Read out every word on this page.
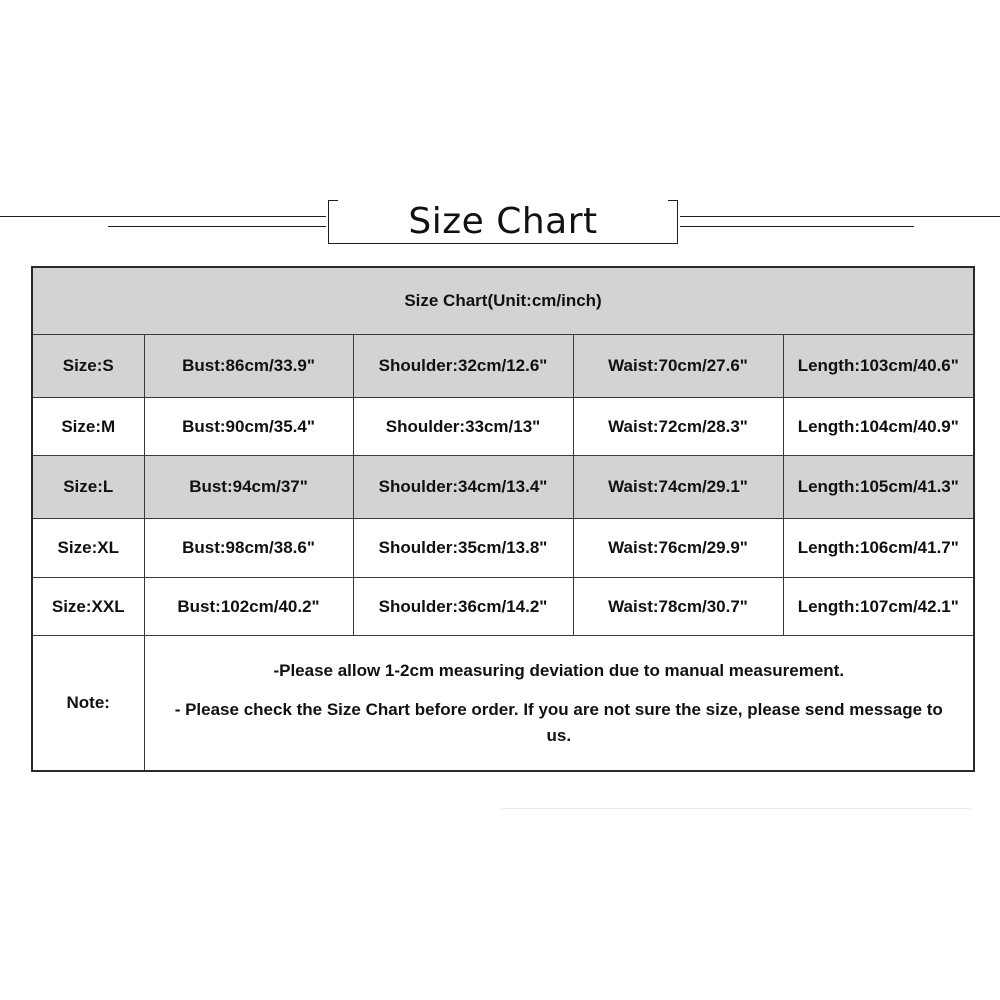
Size Chart
Size Chart(Unit:cm/inch)				
Size:S	Bust:86cm/33.9"	Shoulder:32cm/12.6"	Waist:70cm/27.6"	Length:103cm/40.6"
Size:M	Bust:90cm/35.4"	Shoulder:33cm/13"	Waist:72cm/28.3"	Length:104cm/40.9"
Size:L	Bust:94cm/37"	Shoulder:34cm/13.4"	Waist:74cm/29.1"	Length:105cm/41.3"
Size:XL	Bust:98cm/38.6"	Shoulder:35cm/13.8"	Waist:76cm/29.9"	Length:106cm/41.7"
Size:XXL	Bust:102cm/40.2"	Shoulder:36cm/14.2"	Waist:78cm/30.7"	Length:107cm/42.1"
Note:	-Please allow 1-2cm measuring deviation due to manual measurement.
- Please check the Size Chart before order. If you are not sure the size, please send message to us.			
